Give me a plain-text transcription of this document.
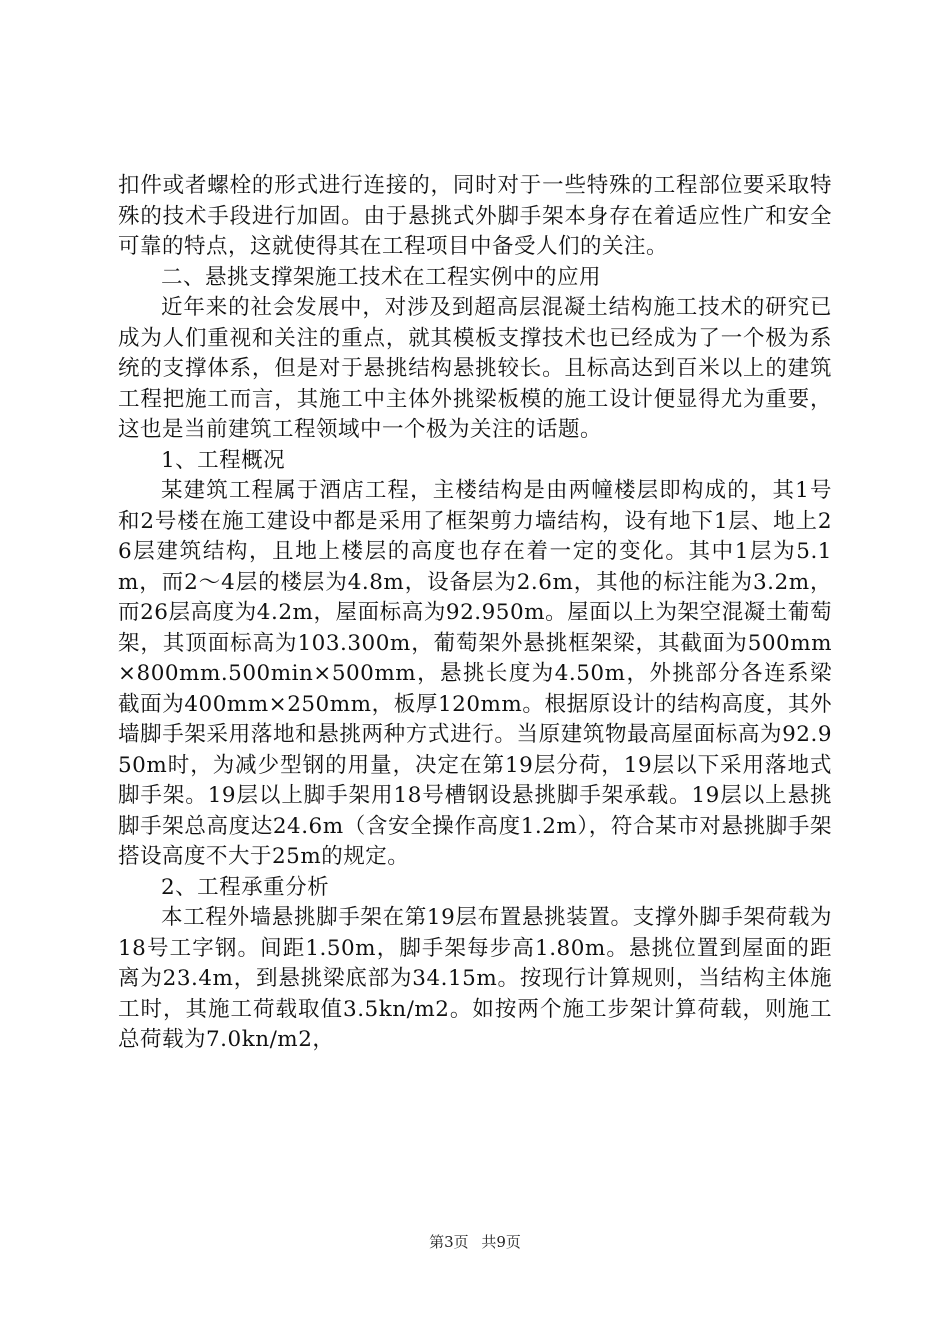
扣件或者螺栓的形式进行连接的，同时对于一些特殊的工程部位要采取特殊的技术手段进行加固。由于悬挑式外脚手架本身存在着适应性广和安全可靠的特点，这就使得其在工程项目中备受人们的关注。

二、悬挑支撑架施工技术在工程实例中的应用

近年来的社会发展中，对涉及到超高层混凝土结构施工技术的研究已成为人们重视和关注的重点，就其模板支撑技术也已经成为了一个极为系统的支撑体系，但是对于悬挑结构悬挑较长。且标高达到百米以上的建筑工程把施工而言，其施工中主体外挑梁板模的施工设计便显得尤为重要，这也是当前建筑工程领域中一个极为关注的话题。

1、工程概况

某建筑工程属于酒店工程，主楼结构是由两幢楼层即构成的，其1号和2号楼在施工建设中都是采用了框架剪力墙结构，设有地下1层、地上26层建筑结构，且地上楼层的高度也存在着一定的变化。其中1层为5.1m，而2～4层的楼层为4.8m，设备层为2.6m，其他的标注能为3.2m，而26层高度为4.2m，屋面标高为92.950m。屋面以上为架空混凝土葡萄架，其顶面标高为103.300m，葡萄架外悬挑框架梁，其截面为500mm×800mm.500min×500mm，悬挑长度为4.50m，外挑部分各连系梁截面为400mm×250mm，板厚120mm。根据原设计的结构高度，其外墙脚手架采用落地和悬挑两种方式进行。当原建筑物最高屋面标高为92.950m时，为减少型钢的用量，决定在第19层分荷，19层以下采用落地式脚手架。19层以上脚手架用18号槽钢设悬挑脚手架承载。19层以上悬挑脚手架总高度达24.6m（含安全操作高度1.2m），符合某市对悬挑脚手架搭设高度不大于25m的规定。

2、工程承重分析

本工程外墙悬挑脚手架在第19层布置悬挑装置。支撑外脚手架荷载为18号工字钢。间距1.50m，脚手架每步高1.80m。悬挑位置到屋面的距离为23.4m，到悬挑梁底部为34.15m。按现行计算规则，当结构主体施工时，其施工荷载取值3.5kn/m2。如按两个施工步架计算荷载，则施工总荷载为7.0kn/m2，

第3页 共9页
